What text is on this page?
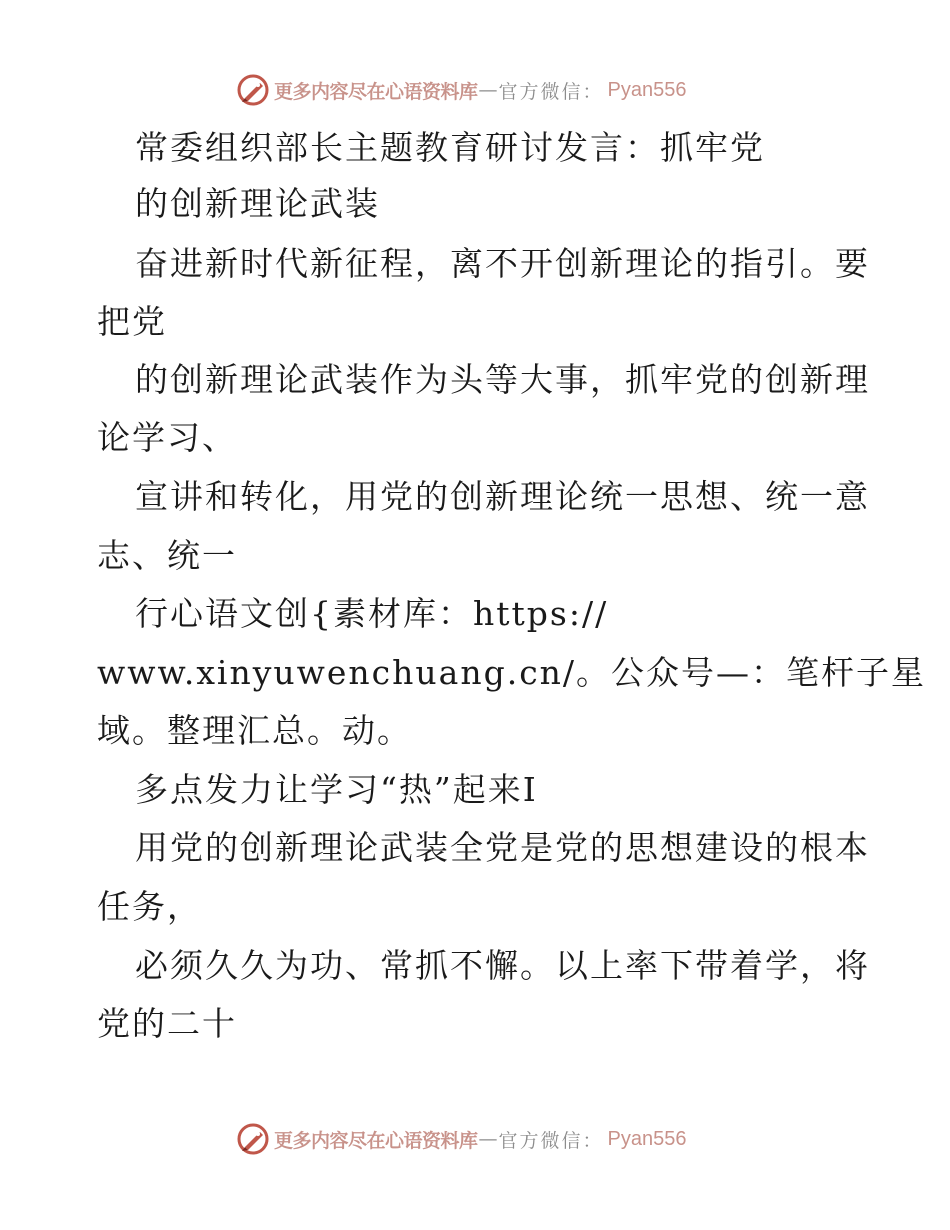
更多内容尽在心语资料库 — 官方微信： Pyan556
常委组织部长主题教育研讨发言：抓牢党
的创新理论武装
奋进新时代新征程，离不开创新理论的指引。要
把党
的创新理论武装作为头等大事，抓牢党的创新理
论学习、
宣讲和转化，用党的创新理论统一思想、统一意
志、统一
行心语文创{素材库：https://
www.xinyuwenchuang.cn/。公众号—：笔杆子星
域。整理汇总。动。
多点发力让学习“热”起来I
用党的创新理论武装全党是党的思想建设的根本
任务，
必须久久为功、常抓不懈。以上率下带着学，将
党的二十
更多内容尽在心语资料库 — 官方微信： Pyan556
